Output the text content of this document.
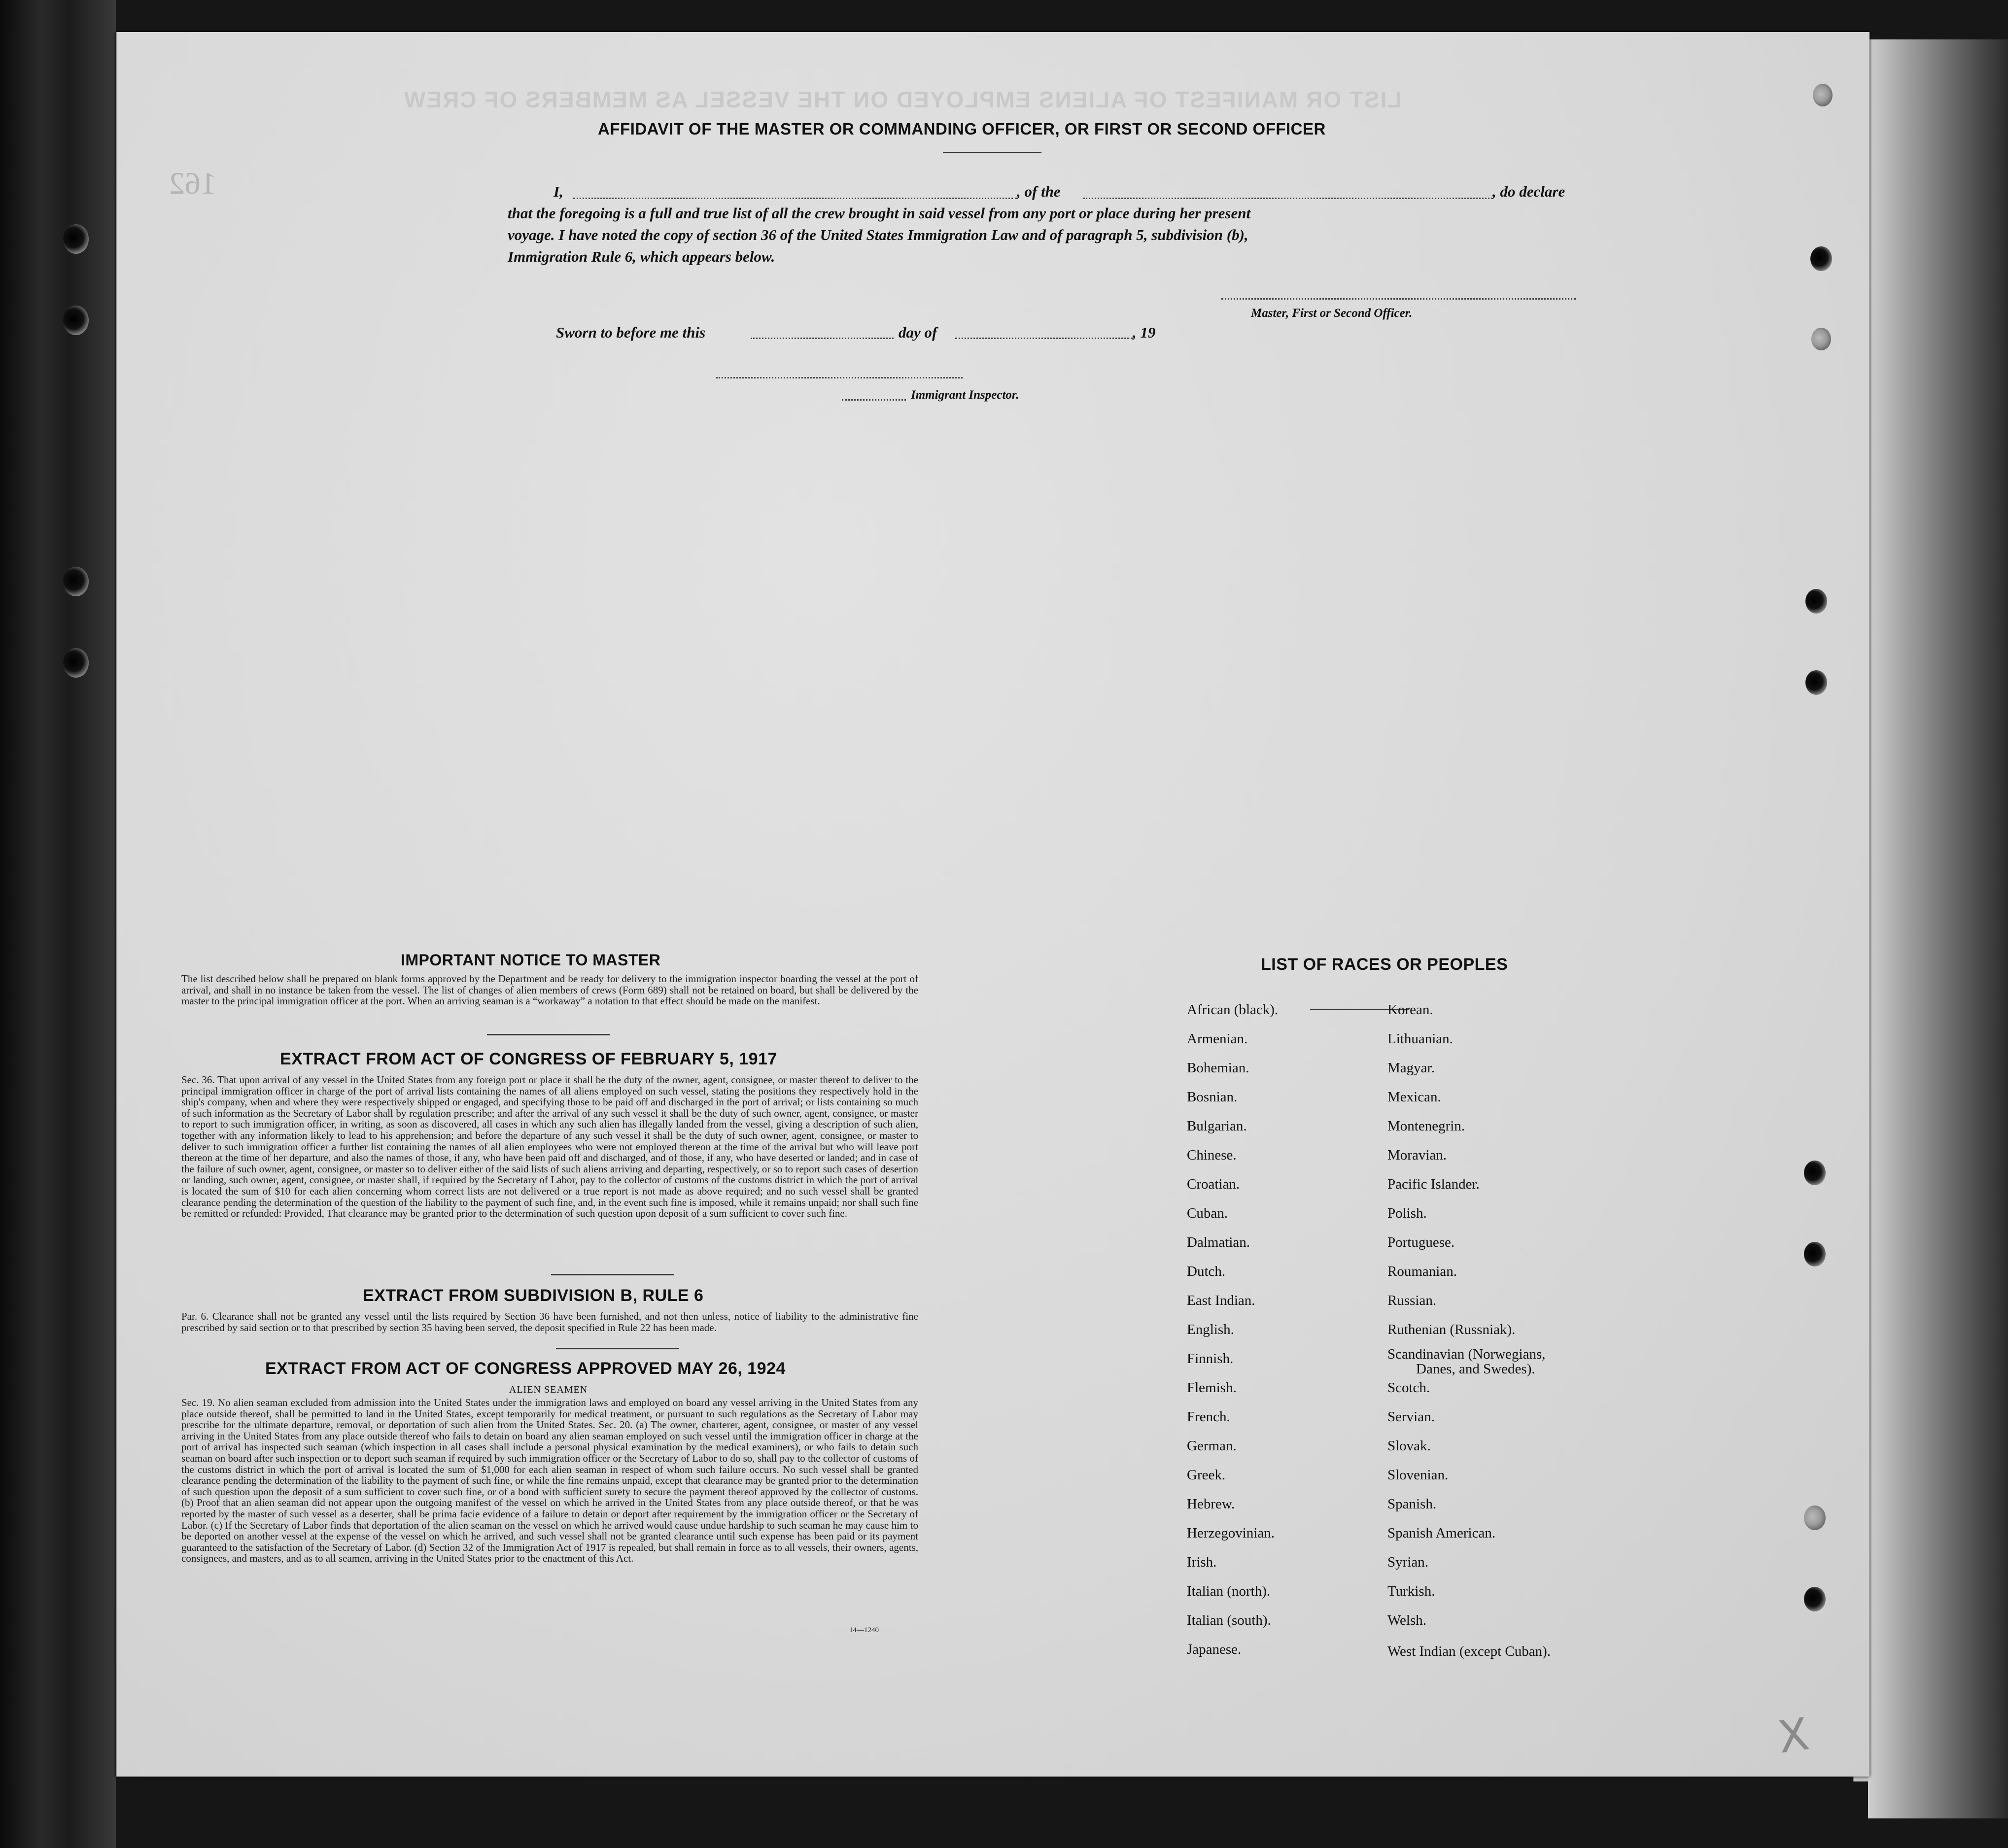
LIST OR MANIFEST OF ALIENS EMPLOYED ON THE VESSEL AS MEMBERS OF CREW
162
AFFIDAVIT OF THE MASTER OR COMMANDING OFFICER, OR FIRST OR SECOND OFFICER
I,	, of the	, do declare
that the foregoing is a full and true list of all the crew brought in said vessel from any port or place during her present
voyage. I have noted the copy of section 36 of the United States Immigration Law and of paragraph 5, subdivision (b),
Immigration Rule 6, which appears below.
Master, First or Second Officer.
Sworn to before me this	day of	, 19
Immigrant Inspector.
IMPORTANT NOTICE TO MASTER

The list described below shall be prepared on blank forms approved by the Department and be ready for delivery to the immigration inspector boarding the vessel at the port of arrival, and shall in no instance be taken from the vessel. The list of changes of alien members of crews (Form 689) shall not be retained on board, but shall be delivered by the master to the principal immigration officer at the port. When an arriving seaman is a “workaway” a notation to that effect should be made on the manifest.

EXTRACT FROM ACT OF CONGRESS OF FEBRUARY 5, 1917

Sec. 36. That upon arrival of any vessel in the United States from any foreign port or place it shall be the duty of the owner, agent, consignee, or master thereof to deliver to the principal immigration officer in charge of the port of arrival lists containing the names of all aliens employed on such vessel, stating the positions they respectively hold in the ship's company, when and where they were respectively shipped or engaged, and specifying those to be paid off and discharged in the port of arrival; or lists containing so much of such information as the Secretary of Labor shall by regulation prescribe; and after the arrival of any such vessel it shall be the duty of such owner, agent, consignee, or master to report to such immigration officer, in writing, as soon as discovered, all cases in which any such alien has illegally landed from the vessel, giving a description of such alien, together with any information likely to lead to his apprehension; and before the departure of any such vessel it shall be the duty of such owner, agent, consignee, or master to deliver to such immigration officer a further list containing the names of all alien employees who were not employed thereon at the time of the arrival but who will leave port thereon at the time of her departure, and also the names of those, if any, who have been paid off and discharged, and of those, if any, who have deserted or landed; and in case of the failure of such owner, agent, consignee, or master so to deliver either of the said lists of such aliens arriving and departing, respectively, or so to report such cases of desertion or landing, such owner, agent, consignee, or master shall, if required by the Secretary of Labor, pay to the collector of customs of the customs district in which the port of arrival is located the sum of $10 for each alien concerning whom correct lists are not delivered or a true report is not made as above required; and no such vessel shall be granted clearance pending the determination of the question of the liability to the payment of such fine, and, in the event such fine is imposed, while it remains unpaid; nor shall such fine be remitted or refunded: Provided, That clearance may be granted prior to the determination of such question upon deposit of a sum sufficient to cover such fine.

EXTRACT FROM SUBDIVISION B, RULE 6

Par. 6. Clearance shall not be granted any vessel until the lists required by Section 36 have been furnished, and not then unless, notice of liability to the administrative fine prescribed by said section or to that prescribed by section 35 having been served, the deposit specified in Rule 22 has been made.

EXTRACT FROM ACT OF CONGRESS APPROVED MAY 26, 1924
ALIEN SEAMEN

Sec. 19. No alien seaman excluded from admission into the United States under the immigration laws and employed on board any vessel arriving in the United States from any place outside thereof, shall be permitted to land in the United States, except temporarily for medical treatment, or pursuant to such regulations as the Secretary of Labor may prescribe for the ultimate departure, removal, or deportation of such alien from the United States. Sec. 20. (a) The owner, charterer, agent, consignee, or master of any vessel arriving in the United States from any place outside thereof who fails to detain on board any alien seaman employed on such vessel until the immigration officer in charge at the port of arrival has inspected such seaman (which inspection in all cases shall include a personal physical examination by the medical examiners), or who fails to detain such seaman on board after such inspection or to deport such seaman if required by such immigration officer or the Secretary of Labor to do so, shall pay to the collector of customs of the customs district in which the port of arrival is located the sum of $1,000 for each alien seaman in respect of whom such failure occurs. No such vessel shall be granted clearance pending the determination of the liability to the payment of such fine, or while the fine remains unpaid, except that clearance may be granted prior to the determination of such question upon the deposit of a sum sufficient to cover such fine, or of a bond with sufficient surety to secure the payment thereof approved by the collector of customs. (b) Proof that an alien seaman did not appear upon the outgoing manifest of the vessel on which he arrived in the United States from any place outside thereof, or that he was reported by the master of such vessel as a deserter, shall be prima facie evidence of a failure to detain or deport after requirement by the immigration officer or the Secretary of Labor. (c) If the Secretary of Labor finds that deportation of the alien seaman on the vessel on which he arrived would cause undue hardship to such seaman he may cause him to be deported on another vessel at the expense of the vessel on which he arrived, and such vessel shall not be granted clearance until such expense has been paid or its payment guaranteed to the satisfaction of the Secretary of Labor. (d) Section 32 of the Immigration Act of 1917 is repealed, but shall remain in force as to all vessels, their owners, agents, consignees, and masters, and as to all seamen, arriving in the United States prior to the enactment of this Act.

14—1240
LIST OF RACES OR PEOPLES
African (black).
Armenian.
Bohemian.
Bosnian.
Bulgarian.
Chinese.
Croatian.
Cuban.
Dalmatian.
Dutch.
East Indian.
English.
Finnish.
Flemish.
French.
German.
Greek.
Hebrew.
Herzegovinian.
Irish.
Italian (north).
Italian (south).
Japanese.
Korean.
Lithuanian.
Magyar.
Mexican.
Montenegrin.
Moravian.
Pacific Islander.
Polish.
Portuguese.
Roumanian.
Russian.
Ruthenian (Russniak).
Scandinavian (Norwegians,
Danes, and Swedes).
Scotch.
Servian.
Slovak.
Slovenian.
Spanish.
Spanish American.
Syrian.
Turkish.
Welsh.
West Indian (except Cuban).
X
